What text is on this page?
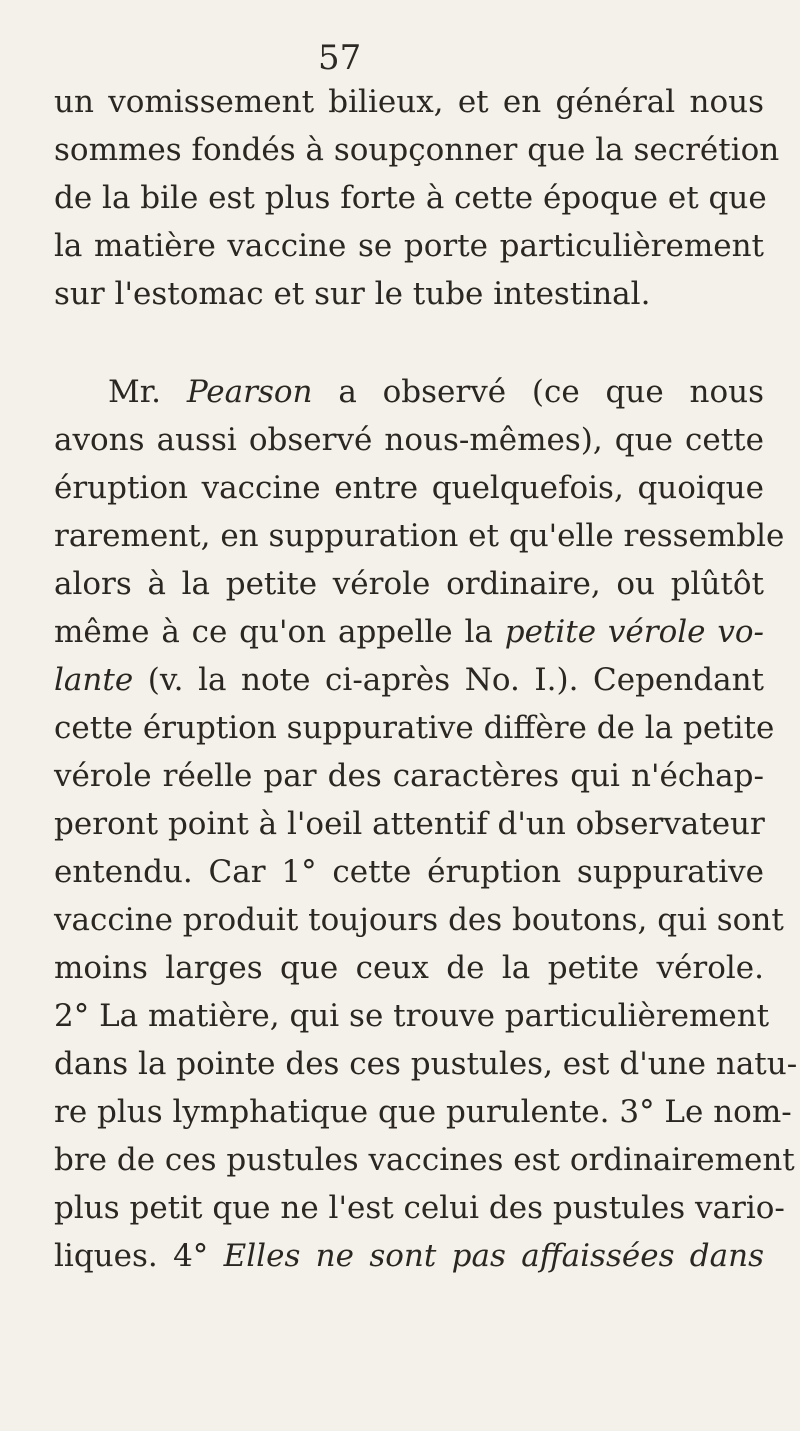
57
un vomissement bilieux, et en général nous
sommes fondés à soupçonner que la secrétion
de la bile est plus forte à cette époque et que
la matière vaccine se porte particulièrement
sur l'estomac et sur le tube intestinal.
Mr. Pearson a observé (ce que nous
avons aussi observé nous-mêmes), que cette
éruption vaccine entre quelquefois, quoique
rarement, en suppuration et qu'elle ressemble
alors à la petite vérole ordinaire, ou plûtôt
même à ce qu'on appelle la petite vérole vo-
lante (v. la note ci-après No. I.). Cependant
cette éruption suppurative diffère de la petite
vérole réelle par des caractères qui n'échap-
peront point à l'oeil attentif d'un observateur
entendu. Car 1° cette éruption suppurative
vaccine produit toujours des boutons, qui sont
moins larges que ceux de la petite vérole.
2° La matière, qui se trouve particulièrement
dans la pointe des ces pustules, est d'une natu-
re plus lymphatique que purulente. 3° Le nom-
bre de ces pustules vaccines est ordinairement
plus petit que ne l'est celui des pustules vario-
liques. 4° Elles ne sont pas affaissées dans
